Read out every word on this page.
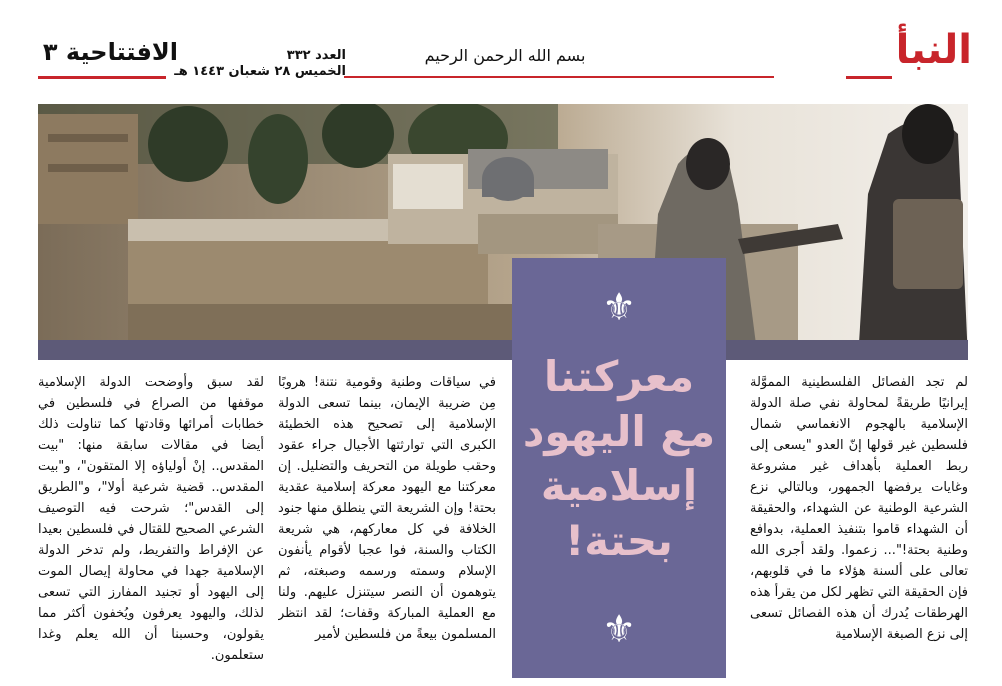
النبأ
بسم الله الرحمن الرحيم
العدد ٣٣٢
الخميس ٢٨ شعبان ١٤٤٣ هـ
الافتتاحية ٣
⚜
معركتنا مع اليهود إسلامية بحتة!
⚜

لم تجد الفصائل الفلسطينية المموَّلة إيرانيًا طريقةً لمحاولة نفي صلة الدولة الإسلامية بالهجوم الانغماسي شمال فلسطين غير قولها إنّ العدو "يسعى إلى ربط العملية بأهداف غير مشروعة وغايات يرفضها الجمهور، وبالتالي نزع الشرعية الوطنية عن الشهداء، والحقيقة أن الشهداء قاموا بتنفيذ العملية، بدوافع وطنية بحتة!"... زعموا. ولقد أجرى الله تعالى على ألسنة هؤلاء ما في قلوبهم، فإن الحقيقة التي تظهر لكل من يقرأ هذه الهرطقات يُدرك أن هذه الفصائل تسعى إلى نزع الصبغة الإسلامية

في سياقات وطنية وقومية نتنة! هروبًا مِن ضريبة الإيمان، بينما تسعى الدولة الإسلامية إلى تصحيح هذه الخطيئة الكبرى التي توارثتها الأجيال جراء عقود وحقب طويلة من التحريف والتضليل. إن معركتنا مع اليهود معركة إسلامية عقدية بحتة! وإن الشريعة التي ينطلق منها جنود الخلافة في كل معاركهم، هي شريعة الكتاب والسنة، فوا عجبا لأقوام يأنفون الإسلام وسمته ورسمه وصبغته، ثم يتوهمون أن النصر سيتنزل عليهم. ولنا مع العملية المباركة وقفات؛ لقد انتظر المسلمون بيعةً من فلسطين لأمير

لقد سبق وأوضحت الدولة الإسلامية موقفها من الصراع في فلسطين في خطابات أمرائها وقادتها كما تناولت ذلك أيضا في مقالات سابقة منها: "بيت المقدس.. إنْ أولياؤه إلا المتقون"، و"بيت المقدس.. قضية شرعية أولا"، و"الطريق إلى القدس"؛ شرحت فيه التوصيف الشرعي الصحيح للقتال في فلسطين بعيدا عن الإفراط والتفريط، ولم تدخر الدولة الإسلامية جهدا في محاولة إيصال الموت إلى اليهود أو تجنيد المفارز التي تسعى لذلك، واليهود يعرفون ويُخفون أكثر مما يقولون، وحسبنا أن الله يعلم وغدا ستعلمون.
